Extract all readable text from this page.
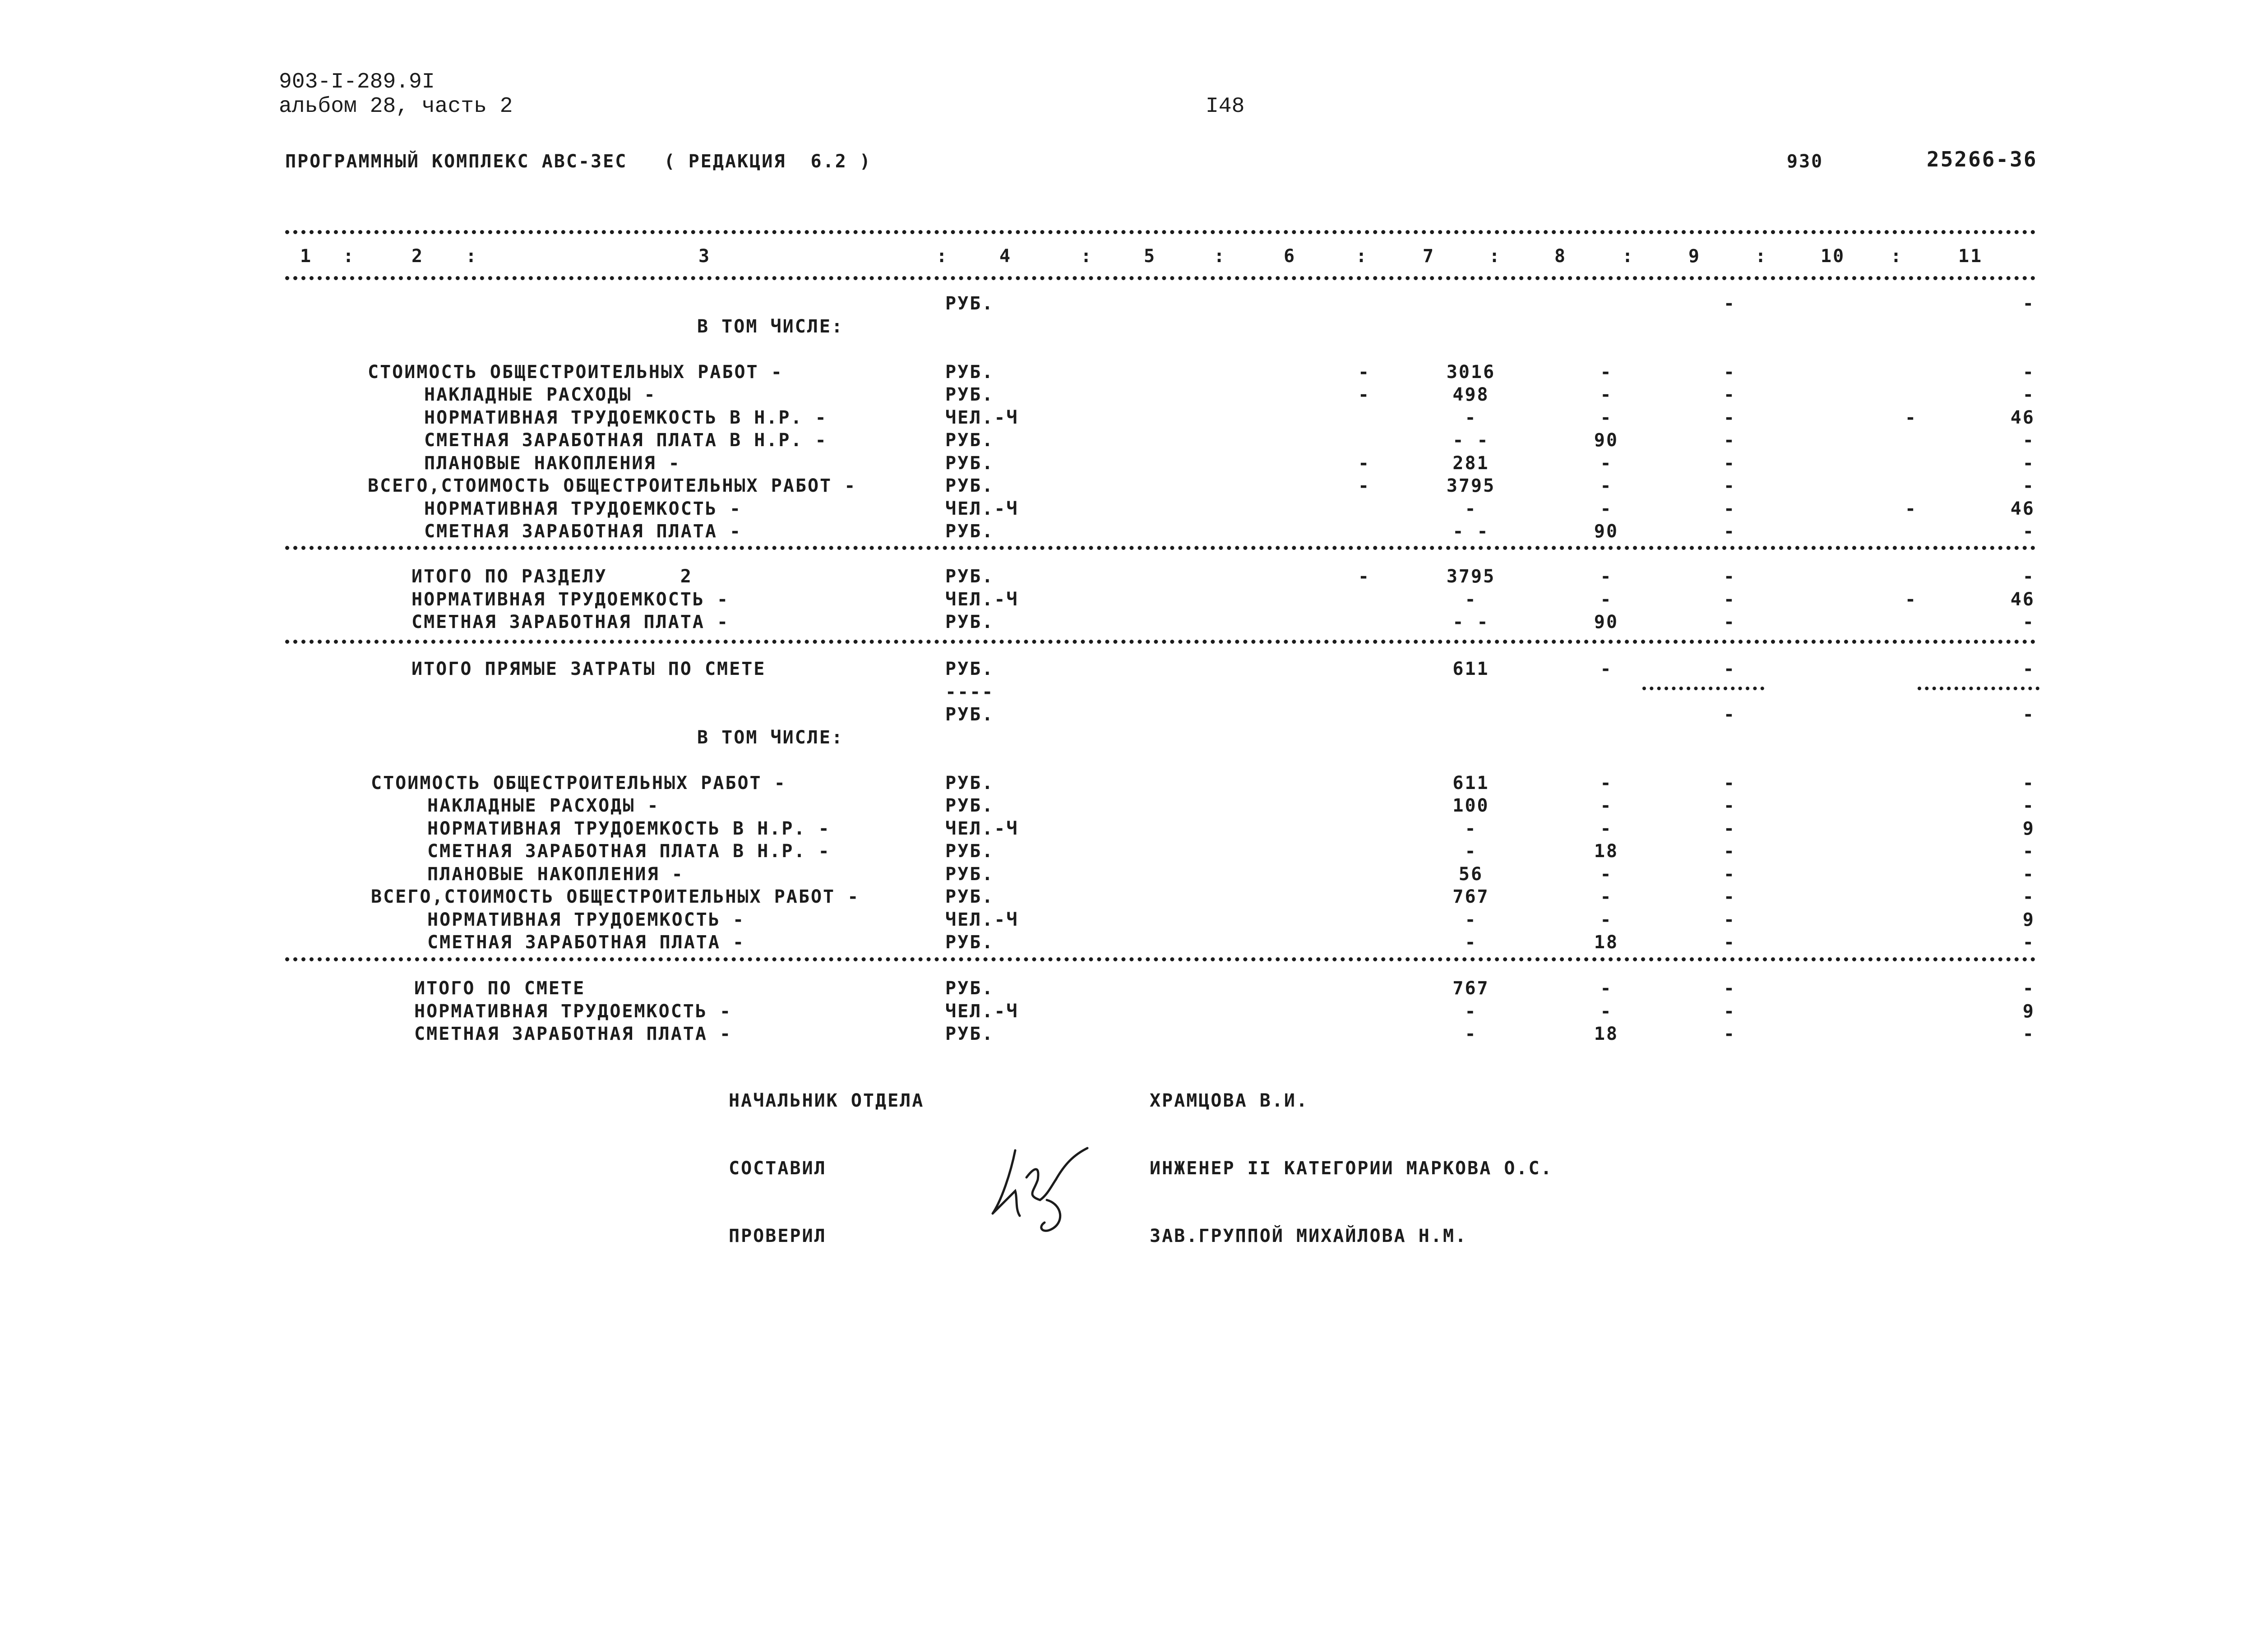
903-I-289.9I
альбом 28, часть 2	I48
ПРОГРАММНЫЙ КОМПЛЕКС АВС-3ЕС   ( РЕДАКЦИЯ  6.2 )	930	25266-36
1 :	2 :	3	:	4	:	5	:	6	:	7	:	8	:	9	:	10	:	11
РУБ.	-	-
В ТОМ ЧИСЛЕ:
СТОИМОСТЬ ОБЩЕСТРОИТЕЛЬНЫХ РАБОТ -	РУБ.	-	3016	-	-	-
НАКЛАДНЫЕ РАСХОДЫ -	РУБ.	-	498	-	-	-
НОРМАТИВНАЯ ТРУДОЕМКОСТЬ В Н.Р. -	ЧЕЛ.-Ч	-	-	-	-	46
СМЕТНАЯ ЗАРАБОТНАЯ ПЛАТА В Н.Р. -	РУБ.	- -	90	-	-
ПЛАНОВЫЕ НАКОПЛЕНИЯ -	РУБ.	-	281	-	-	-
ВСЕГО,СТОИМОСТЬ ОБЩЕСТРОИТЕЛЬНЫХ РАБОТ -	РУБ.	-	3795	-	-	-
НОРМАТИВНАЯ ТРУДОЕМКОСТЬ -	ЧЕЛ.-Ч	-	-	-	-	46
СМЕТНАЯ ЗАРАБОТНАЯ ПЛАТА -	РУБ.	- -	90	-	-
ИТОГО ПО РАЗДЕЛУ      2	РУБ.	-	3795	-	-	-
НОРМАТИВНАЯ ТРУДОЕМКОСТЬ -	ЧЕЛ.-Ч	-	-	-	-	46
СМЕТНАЯ ЗАРАБОТНАЯ ПЛАТА -	РУБ.	- -	90	-	-
ИТОГО ПРЯМЫЕ ЗАТРАТЫ ПО СМЕТЕ	РУБ.	611	-	-	-
----
РУБ.	-	-
В ТОМ ЧИСЛЕ:
СТОИМОСТЬ ОБЩЕСТРОИТЕЛЬНЫХ РАБОТ -	РУБ.	611	-	-	-
НАКЛАДНЫЕ РАСХОДЫ -	РУБ.	100	-	-	-
НОРМАТИВНАЯ ТРУДОЕМКОСТЬ В Н.Р. -	ЧЕЛ.-Ч	-	-	-	9
СМЕТНАЯ ЗАРАБОТНАЯ ПЛАТА В Н.Р. -	РУБ.	-	18	-	-
ПЛАНОВЫЕ НАКОПЛЕНИЯ -	РУБ.	56	-	-	-
ВСЕГО,СТОИМОСТЬ ОБЩЕСТРОИТЕЛЬНЫХ РАБОТ -	РУБ.	767	-	-	-
НОРМАТИВНАЯ ТРУДОЕМКОСТЬ -	ЧЕЛ.-Ч	-	-	-	9
СМЕТНАЯ ЗАРАБОТНАЯ ПЛАТА -	РУБ.	-	18	-	-
ИТОГО ПО СМЕТЕ	РУБ.	767	-	-	-
НОРМАТИВНАЯ ТРУДОЕМКОСТЬ -	ЧЕЛ.-Ч	-	-	-	9
СМЕТНАЯ ЗАРАБОТНАЯ ПЛАТА -	РУБ.	-	18	-	-
НАЧАЛЬНИК ОТДЕЛА	ХРАМЦОВА В.И.
СОСТАВИЛ	ИНЖЕНЕР II КАТЕГОРИИ МАРКОВА О.С.
ПРОВЕРИЛ	ЗАВ.ГРУППОЙ МИХАЙЛОВА Н.М.
